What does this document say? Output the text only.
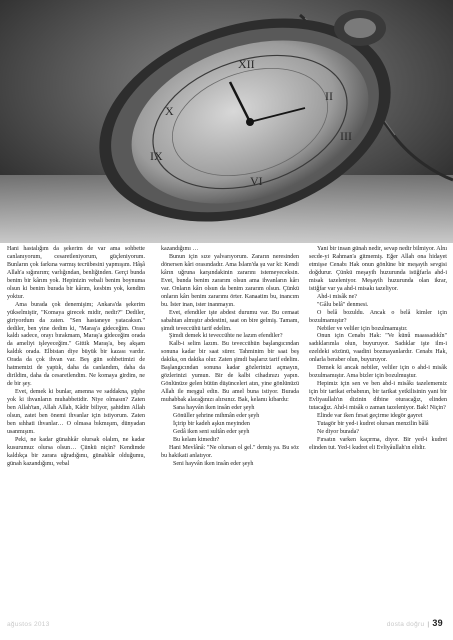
XII
II
III
X
IX
VI

Hani hastalığım da şekerim de var ama sohbette canlanıyorum, cesaretleniyorum, güçleniyorum. Bunların çok farkına varmış tecrübesini yapmışım. Hâşâ Allah'a sığınırım; varlığından, benliğinden. Gerçi bunda benim bir kârım yok. Hepinizin vebali benim boynuma olsun ki benim burada bir kârım, kesbim yok, kendim yoktur.

Ama burada çok denemişim; Ankara'da şekerim yükselmiştir, "Komaya girecek midir, nedir?" Dediler, giriyordum da zaten. "Sen hastaneye yatacaksın." dediler, ben yine dedim ki, "Maraş'a gideceğim. Orası kaldı sadece, orayı bırakmam, Maraş'a gideceğim orada da ameliyi işleyeceğim." Gittik Maraş'a, beş akşam kaldık orada. Elbistan diye büyük bir kazası vardır. Orada da çok ihvan var. Beş gün sohbetimizi de hatmemizi de yaptık, daha da canlandım, daha da dirildim, daha da cesaretlendim. Ne komaya girdim, ne de bir şey.

Evet, demek ki bunlar, amenna ve saddakna, şüphe yok ki ihvanların muhabbetidir. Niye olmasın? Zaten ben Allah'tan, Allah Allah, Kâdir biliyor, şahidim Allah olsun, zatet ben önemi ihvanlar için istiyorum. Zaten ben sıhhati ihvanlar… O olmasa bıkmışım, dünyadan usanmışım.

Peki, ne kadar günahkâr olursak olalım, ne kadar kusurumuz olursa olsun… Çünkü niçin? Kendimde kaldıkça bir zarara uğradığımı, günahkâr olduğumu, günah kazandığımı, vebal

kazandığımı …

Bunun için sıze yalvarıyorum. Zararın neresinden dönersen kâri orasındadır. Ama İslam'da şu var ki: Kendi kârın uğruna karşındakinin zararını istemeyeceksin. Evet, bunda benim zararım olsun ama ihvanların kârı var. Onların kârı olsun da benim zararım olsun. Çünkü onların kârı benim zararımı örter. Kanaatim bu, inancım bu. İster inan, ister inanmayın.

Evet, efendiler işte abdest durumu var. Bu cemaat sabahtan almıştır abdestini, saat on bire gelmiş. Tamam, şimdi teveccühü tarif edelim.

Şimdi demek ki teveccühte ne lazım efendiler?

Kalb-i selim lazım. Bu teveccühün başlangıcından sonuna kadar bir saat sürer. Tahminim bir saat beş dakika, on dakika olur. Zaten şimdi başlarız tarif edelim. Başlangıcından sonuna kadar gözlerinizi açmayın, gözlerinizi yumun. Bir de kalbi cihadınızı yapın. Gönlünüze gelen bütün düşünceleri atın, yine gönlünüzü Allah ile meşgul edin. Bu amel buna istiyor. Burada muhabbak alacağınızı alırsınız. Bak, kelamı kibardu:

Sana hayvân iken insân eder şeyh

Gönüller şehrine mihmân eder şeyh

İçirip bir kadeh aşkın meyinden

Gedâ iken seni sultân eder şeyh

Bu kelam kimedir?

Hani Mevlânâ: "Ne olursan ol gel." demiş ya. Bu söz bu hakikati anlatıyor.

Seni hayvân iken insân eder şeyh

Yani bir insan günah nedir, sevap nedir bilmiyor. Alnı secde-yi Rahman'a gitmemiş. Eğer Allah ona hidayet etmişse Cenabı Hak onun gönlüne bir meşayih sevgisi doğdurur. Çünkü meşayih huzurunda istiğfarla ahd-i misak tazeleniyor. Meşayih huzurunda olan ikrar, istiğfar var ya ahd-i misakı tazeliyor.

Ahd-i misâk ne?

"Gâlu belâ" denmesi.

O belâ bozuldu. Ancak o belâ kimler için bozulmamıştır?

Nebiler ve veliler için bozulmamıştır.

Onun için Cenabı Hak: "Ve künû maassadıkîn" sadıklarımla olun, buyuruyor. Sadıklar işte ilm-i ezeldeki sözünü, vaadini bozmayanlardır. Cenabı Hak, onlarla beraber olun, buyuruyor.

Demek ki ancak nebiler, veliler için o ahd-i misâk bozulmamıştır. Ama bizler için bozulmuştur.

Hepimiz için sen ve ben ahd-i misâkı tazelememiz için bir tarikat erbabının, bir tarikat yetkilisinin yani bir Evliyaullah'ın dizinin dibine oturacağız, elinden tutacağız. Ahd-i misâk o zaman tazeleniyor. Bak! Niçin?

Elinde var iken fırsat geçirme idegör gayret

Tutagör bir yed-i kudret olursan menzilin bâlâ

Ne diyor burada?

Fırsatın varken kaçırma, diyor. Bir yed-i kudret elinden tut. Yed-i kudret eli Evliyâullah'ın elidir.

ağustos 2013	dosta doğru | 39
